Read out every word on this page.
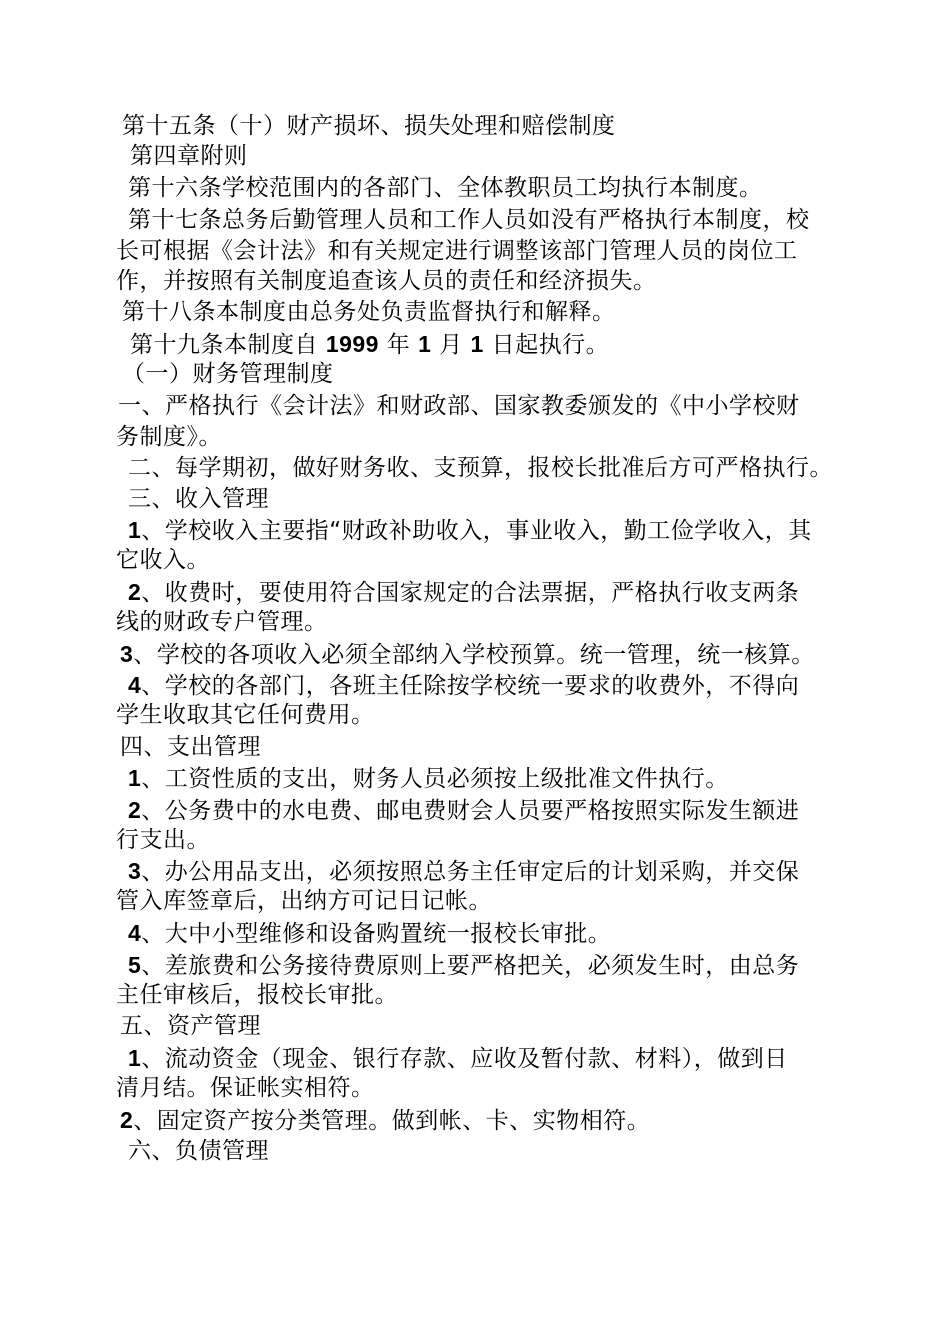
第十五条（十）财产损坏、损失处理和赔偿制度
第四章附则
第十六条学校范围内的各部门、全体教职员工均执行本制度。
第十七条总务后勤管理人员和工作人员如没有严格执行本制度，校
长可根据《会计法》和有关规定进行调整该部门管理人员的岗位工
作，并按照有关制度追查该人员的责任和经济损失。
第十八条本制度由总务处负责监督执行和解释。
第十九条本制度自 1999 年 1 月 1 日起执行。
（一）财务管理制度
一、严格执行《会计法》和财政部、国家教委颁发的《中小学校财
务制度》。
二、每学期初，做好财务收、支预算，报校长批准后方可严格执行。
三、收入管理
1、学校收入主要指“财政补助收入，事业收入，勤工俭学收入，其
它收入。
2、收费时，要使用符合国家规定的合法票据，严格执行收支两条
线的财政专户管理。
3、学校的各项收入必须全部纳入学校预算。统一管理，统一核算。
4、学校的各部门，各班主任除按学校统一要求的收费外，不得向
学生收取其它任何费用。
四、支出管理
1、工资性质的支出，财务人员必须按上级批准文件执行。
2、公务费中的水电费、邮电费财会人员要严格按照实际发生额进
行支出。
3、办公用品支出，必须按照总务主任审定后的计划采购，并交保
管入库签章后，出纳方可记日记帐。
4、大中小型维修和设备购置统一报校长审批。
5、差旅费和公务接待费原则上要严格把关，必须发生时，由总务
主任审核后，报校长审批。
五、资产管理
1、流动资金（现金、银行存款、应收及暂付款、材料），做到日
清月结。保证帐实相符。
2、固定资产按分类管理。做到帐、卡、实物相符。
六、负债管理
